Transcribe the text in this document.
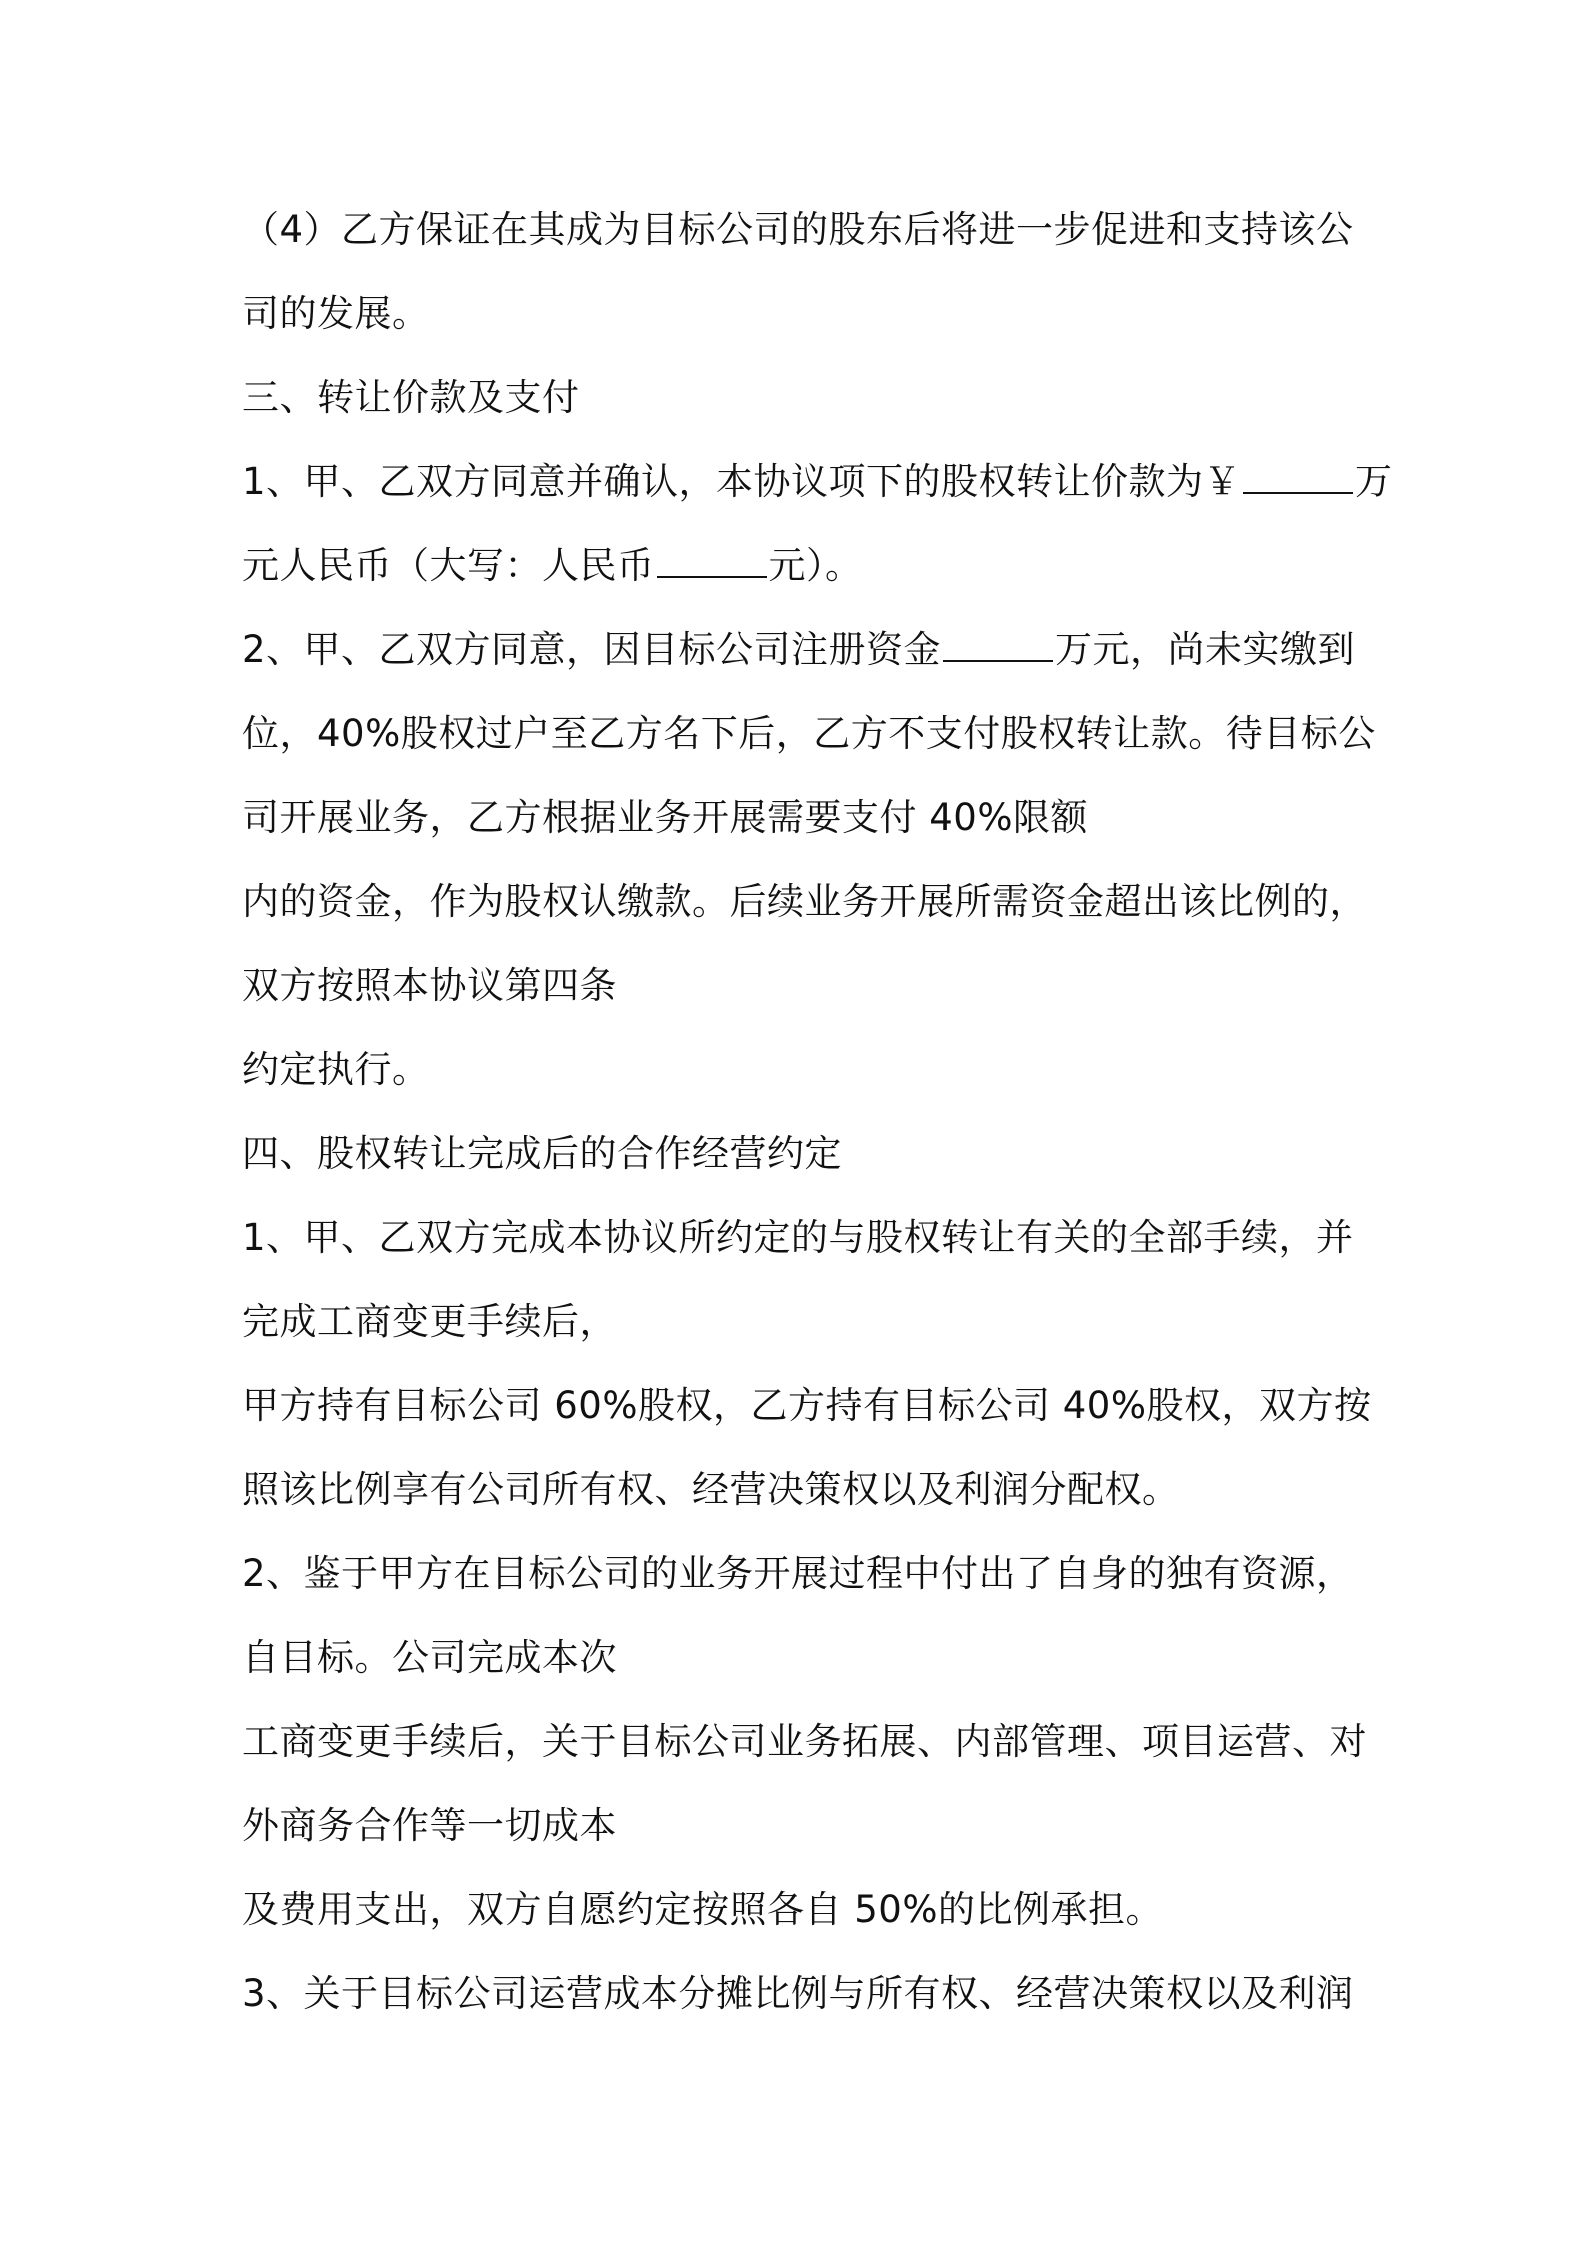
（4）乙方保证在其成为目标公司的股东后将进一步促进和支持该公
司的发展。
三、转让价款及支付
1、甲、乙双方同意并确认，本协议项下的股权转让价款为￥	万
元人民币（大写：人民币	元）。
2、甲、乙双方同意，因目标公司注册资金	万元，尚未实缴到
位，40%股权过户至乙方名下后，乙方不支付股权转让款。待目标公
司开展业务，乙方根据业务开展需要支付 40%限额
内的资金，作为股权认缴款。后续业务开展所需资金超出该比例的，
双方按照本协议第四条
约定执行。
四、股权转让完成后的合作经营约定
1、甲、乙双方完成本协议所约定的与股权转让有关的全部手续，并
完成工商变更手续后，
甲方持有目标公司 60%股权，乙方持有目标公司 40%股权，双方按
照该比例享有公司所有权、经营决策权以及利润分配权。
2、鉴于甲方在目标公司的业务开展过程中付出了自身的独有资源，
自目标。公司完成本次
工商变更手续后，关于目标公司业务拓展、内部管理、项目运营、对
外商务合作等一切成本
及费用支出，双方自愿约定按照各自 50%的比例承担。
3、关于目标公司运营成本分摊比例与所有权、经营决策权以及利润
